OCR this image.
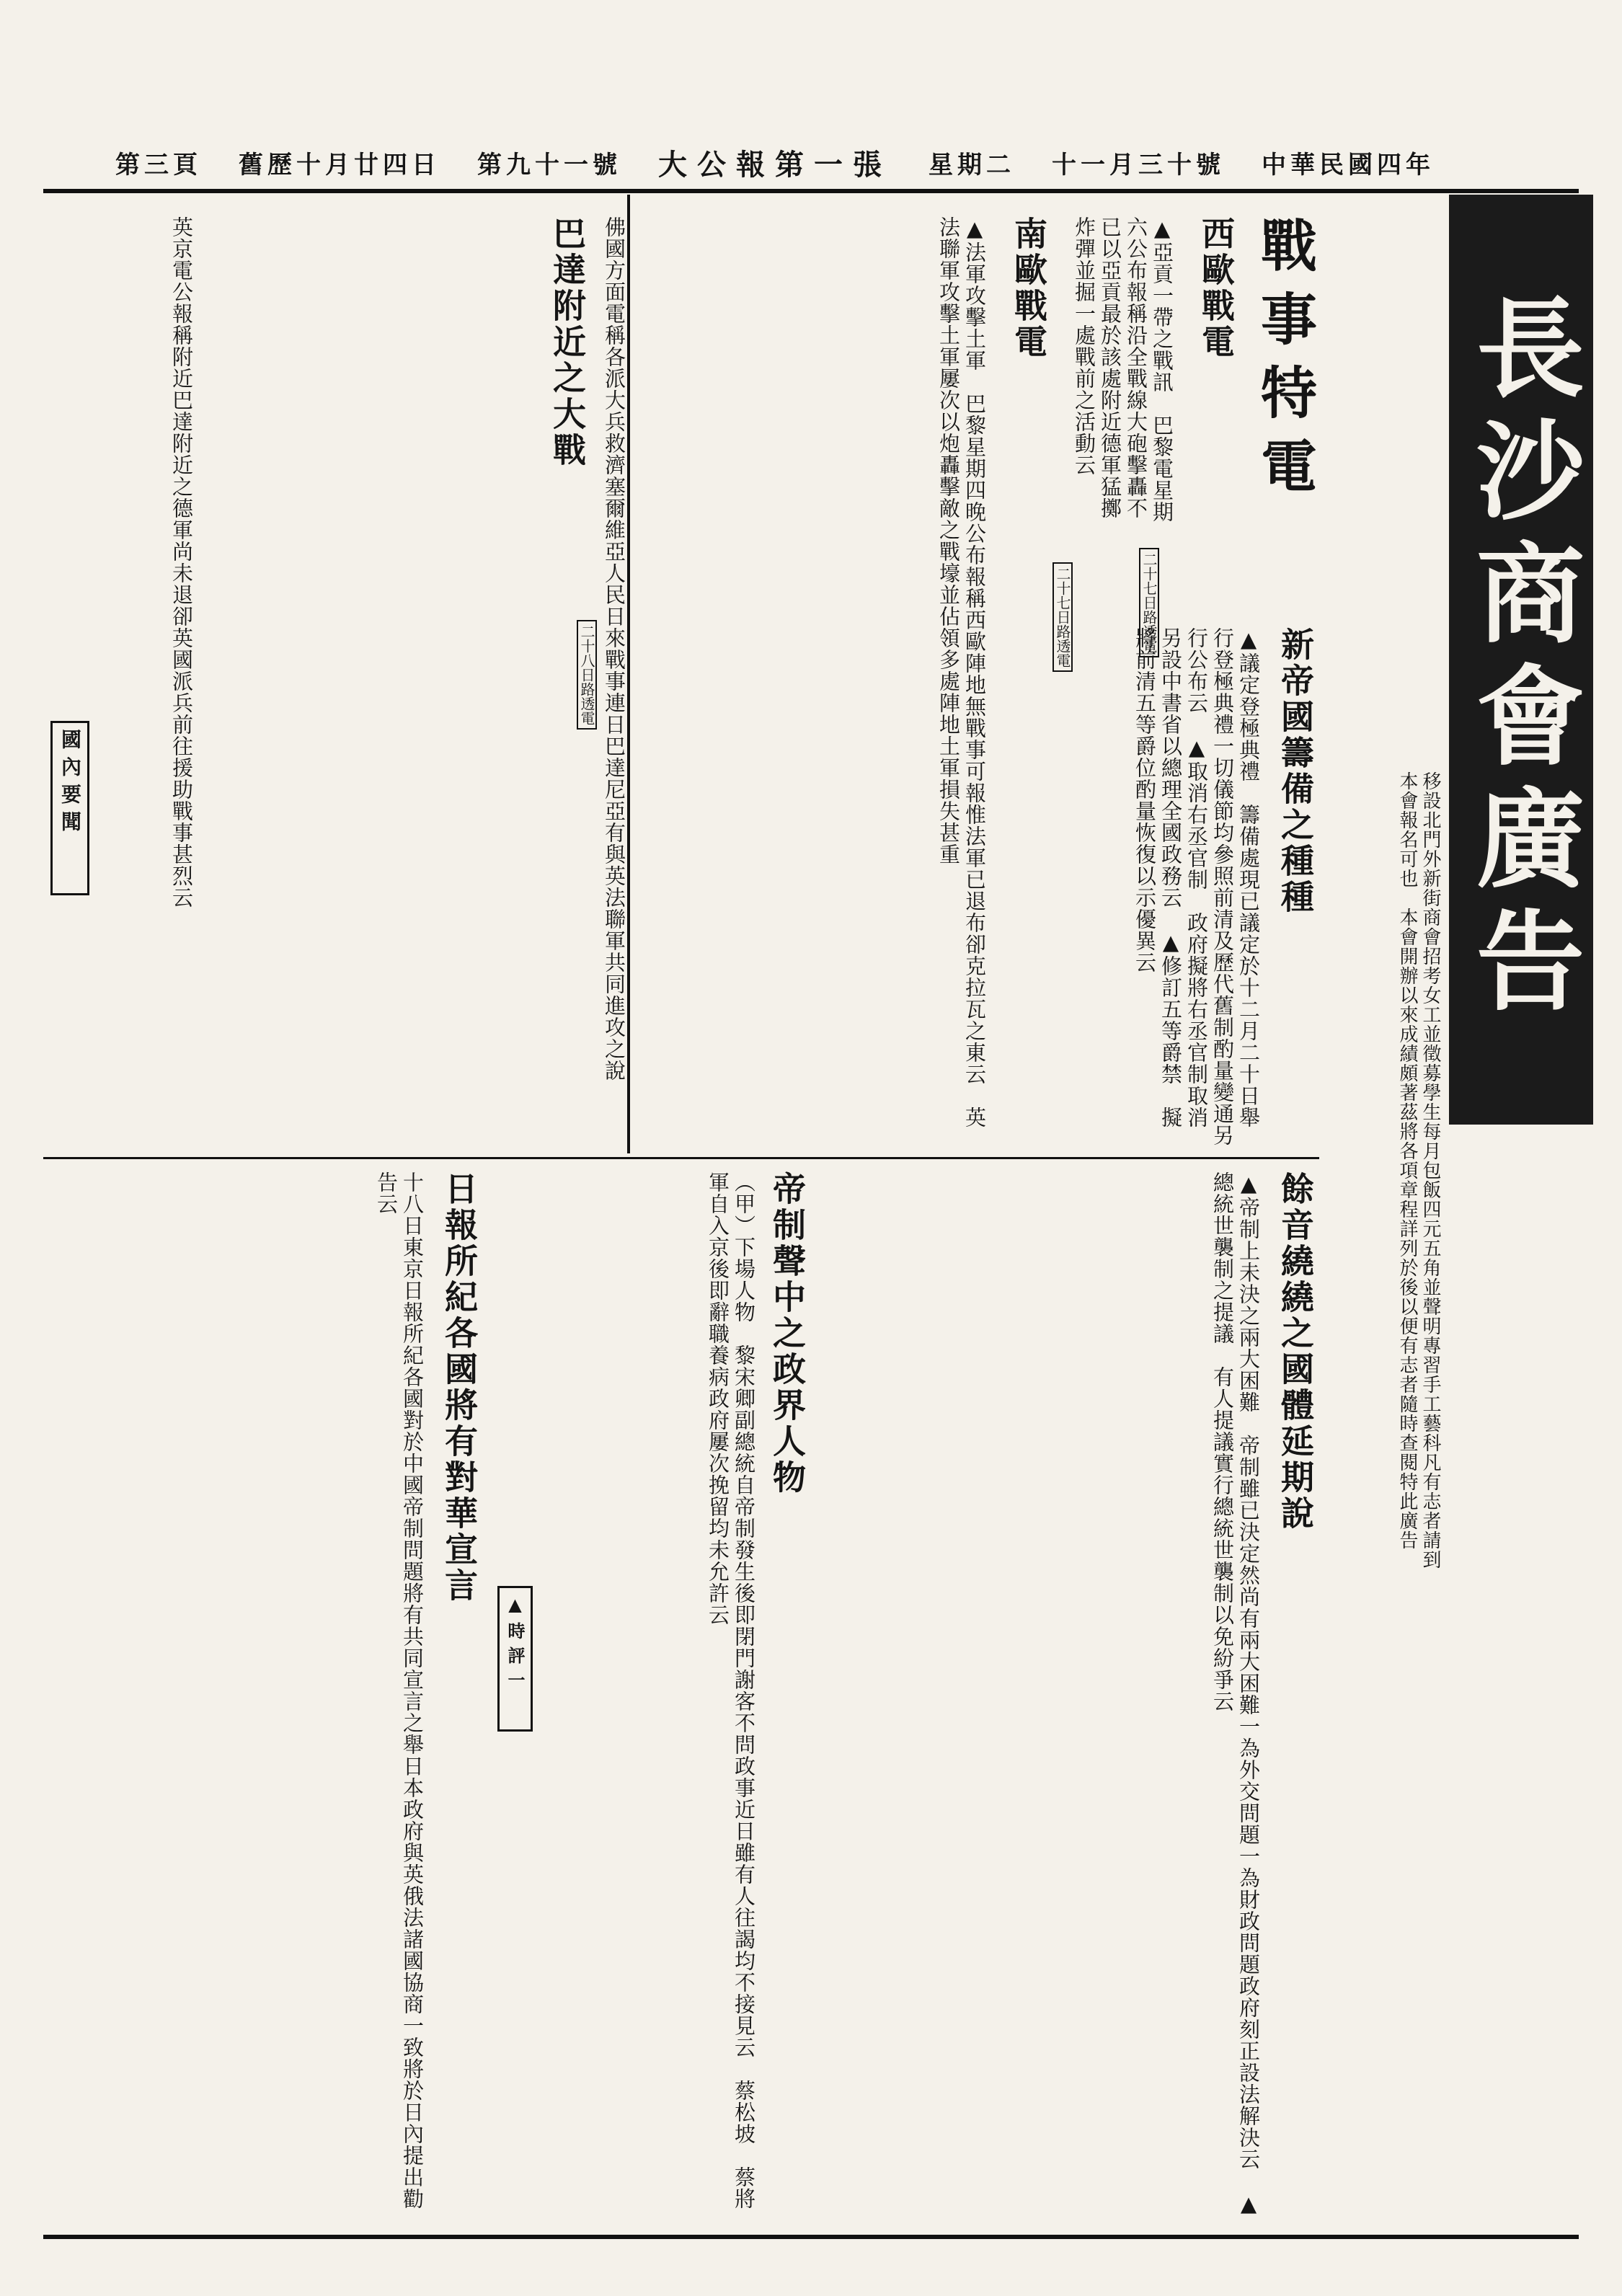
中華民國四年
十一月三十號
星期二
大公報第一張
第九十一號
舊歷十月廿四日
第三頁
長沙商會廣告
移設北門外新街商會招考女工並徵募學生每月包飯四元五角並聲明專習手工藝科凡有志者請到本會報名可也　本會開辦以來成績頗著茲將各項章程詳列於後以便有志者隨時查閱特此廣告
戰事特電
西歐戰電
▲亞貢一帶之戰訊　巴黎電星期六公布報稱沿全戰線大砲擊轟不已以亞貢最於該處附近德軍猛擲炸彈並掘一處戰前之活動云
二十七日路透電
南歐戰電
▲法軍攻擊土軍　巴黎星期四晚公布報稱西歐陣地無戰事可報惟法軍已退布卻克拉瓦之東云　英法聯軍攻擊土軍屢次以炮轟擊敵之戰壕並佔領多處陣地土軍損失甚重	二十七日路透電
佛國方面電稱各派大兵救濟塞爾維亞人民日來戰事連日巴達尼亞有與英法聯軍共同進攻之說
二十八日路透電
巴達附近之大戰
英京電公報稱附近巴達附近之德軍尚未退卻英國派兵前往援助戰事甚烈云
國內要聞	新帝國籌備之種種
▲議定登極典禮　籌備處現已議定於十二月二十日舉行登極典禮一切儀節均參照前清及歷代舊制酌量變通另行公布云　▲取消右丞官制　政府擬將右丞官制取消另設中書省以總理全國政務云　▲修訂五等爵禁　擬將前清五等爵位酌量恢復以示優異云
餘音繞繞之國體延期說
▲帝制上未決之兩大困難　帝制雖已決定然尚有兩大困難一為外交問題一為財政問題政府刻正設法解決云　▲總統世襲制之提議　有人提議實行總統世襲制以免紛爭云
帝制聲中之政界人物
（甲）下場人物　黎宋卿副總統自帝制發生後即閉門謝客不問政事近日雖有人往謁均不接見云　蔡松坡　蔡將軍自入京後即辭職養病政府屢次挽留均未允許云
日報所紀各國將有對華宣言
十八日東京日報所紀各國對於中國帝制問題將有共同宣言之舉日本政府與英俄法諸國協商一致將於日內提出勸告云
▲時評一
